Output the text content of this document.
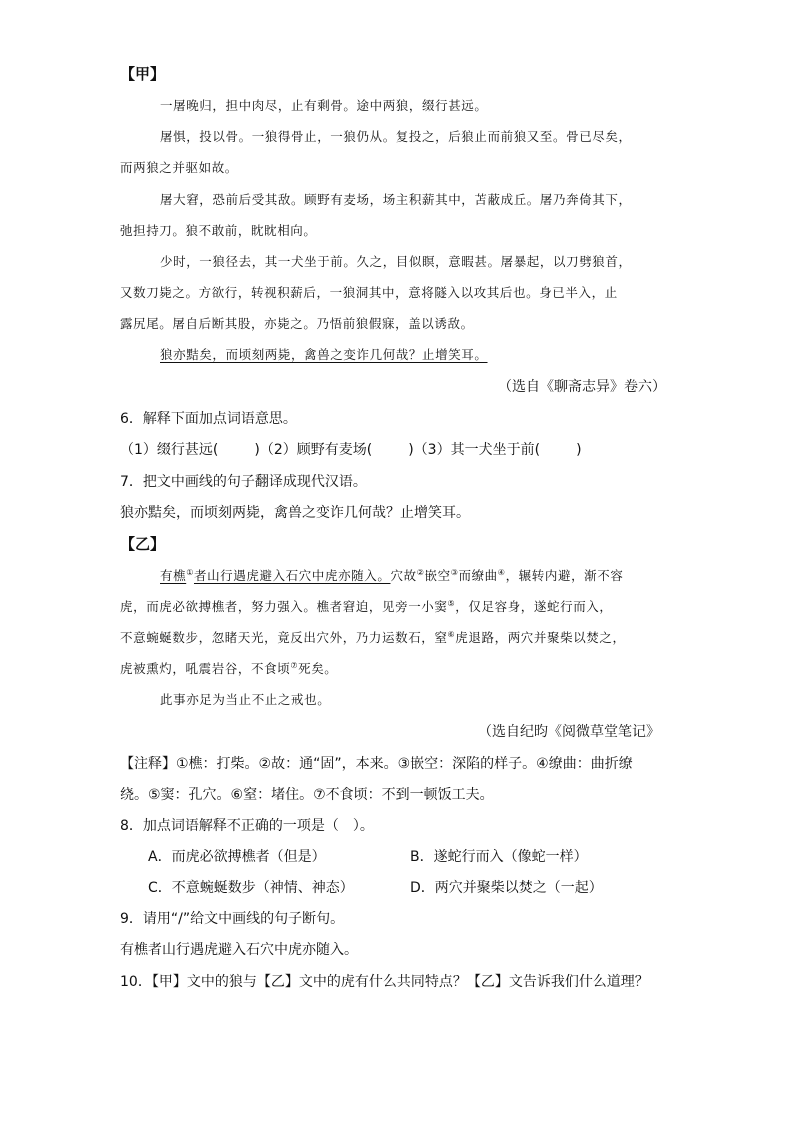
【甲】
一屠晚归，担中肉尽，止有剩骨。途中两狼，缀行甚远。
屠惧，投以骨。一狼得骨止，一狼仍从。复投之，后狼止而前狼又至。骨已尽矣，
而两狼之并驱如故。
屠大窘，恐前后受其敌。顾野有麦场，场主积薪其中，苫蔽成丘。屠乃奔倚其下，
弛担持刀。狼不敢前，眈眈相向。
少时，一狼径去，其一犬坐于前。久之，目似瞑，意暇甚。屠暴起，以刀劈狼首，
又数刀毙之。方欲行，转视积薪后，一狼洞其中，意将隧入以攻其后也。身已半入，止
露尻尾。屠自后断其股，亦毙之。乃悟前狼假寐，盖以诱敌。
狼亦黠矣，而顷刻两毙，禽兽之变诈几何哉？止增笑耳。
（选自《聊斋志异》卷六）
6．解释下面加点词语意思。
（1）缀行甚远(	)（2）顾野有麦场(	)（3）其一犬坐于前(	)
7．把文中画线的句子翻译成现代汉语。
狼亦黠矣，而顷刻两毙，禽兽之变诈几何哉？止增笑耳。
【乙】
有樵①者山行遇虎避入石穴中虎亦随入。穴故②嵌空③而缭曲④，辗转内避，渐不容
虎，而虎必欲搏樵者，努力强入。樵者窘迫，见旁一小窦⑤，仅足容身，遂蛇行而入，
不意蜿蜒数步，忽睹天光，竟反出穴外，乃力运数石，窒⑥虎退路，两穴并聚柴以焚之，
虎被熏灼，吼震岩谷，不食顷⑦死矣。
此事亦足为当止不止之戒也。
（选自纪昀《阅微草堂笔记》
【注释】①樵：打柴。②故：通“固”，本来。③嵌空：深陷的样子。④缭曲：曲折缭
绕。⑤窦：孔穴。⑥窒：堵住。⑦不食顷：不到一顿饭工夫。
8．加点词语解释不正确的一项是（　）。
A．而虎必欲搏樵者（但是）	B．遂蛇行而入（像蛇一样）
C．不意蜿蜒数步（神情、神态）	D．两穴并聚柴以焚之（一起）
9．请用“/”给文中画线的句子断句。
有樵者山行遇虎避入石穴中虎亦随入。
10．【甲】文中的狼与【乙】文中的虎有什么共同特点？【乙】文告诉我们什么道理？
